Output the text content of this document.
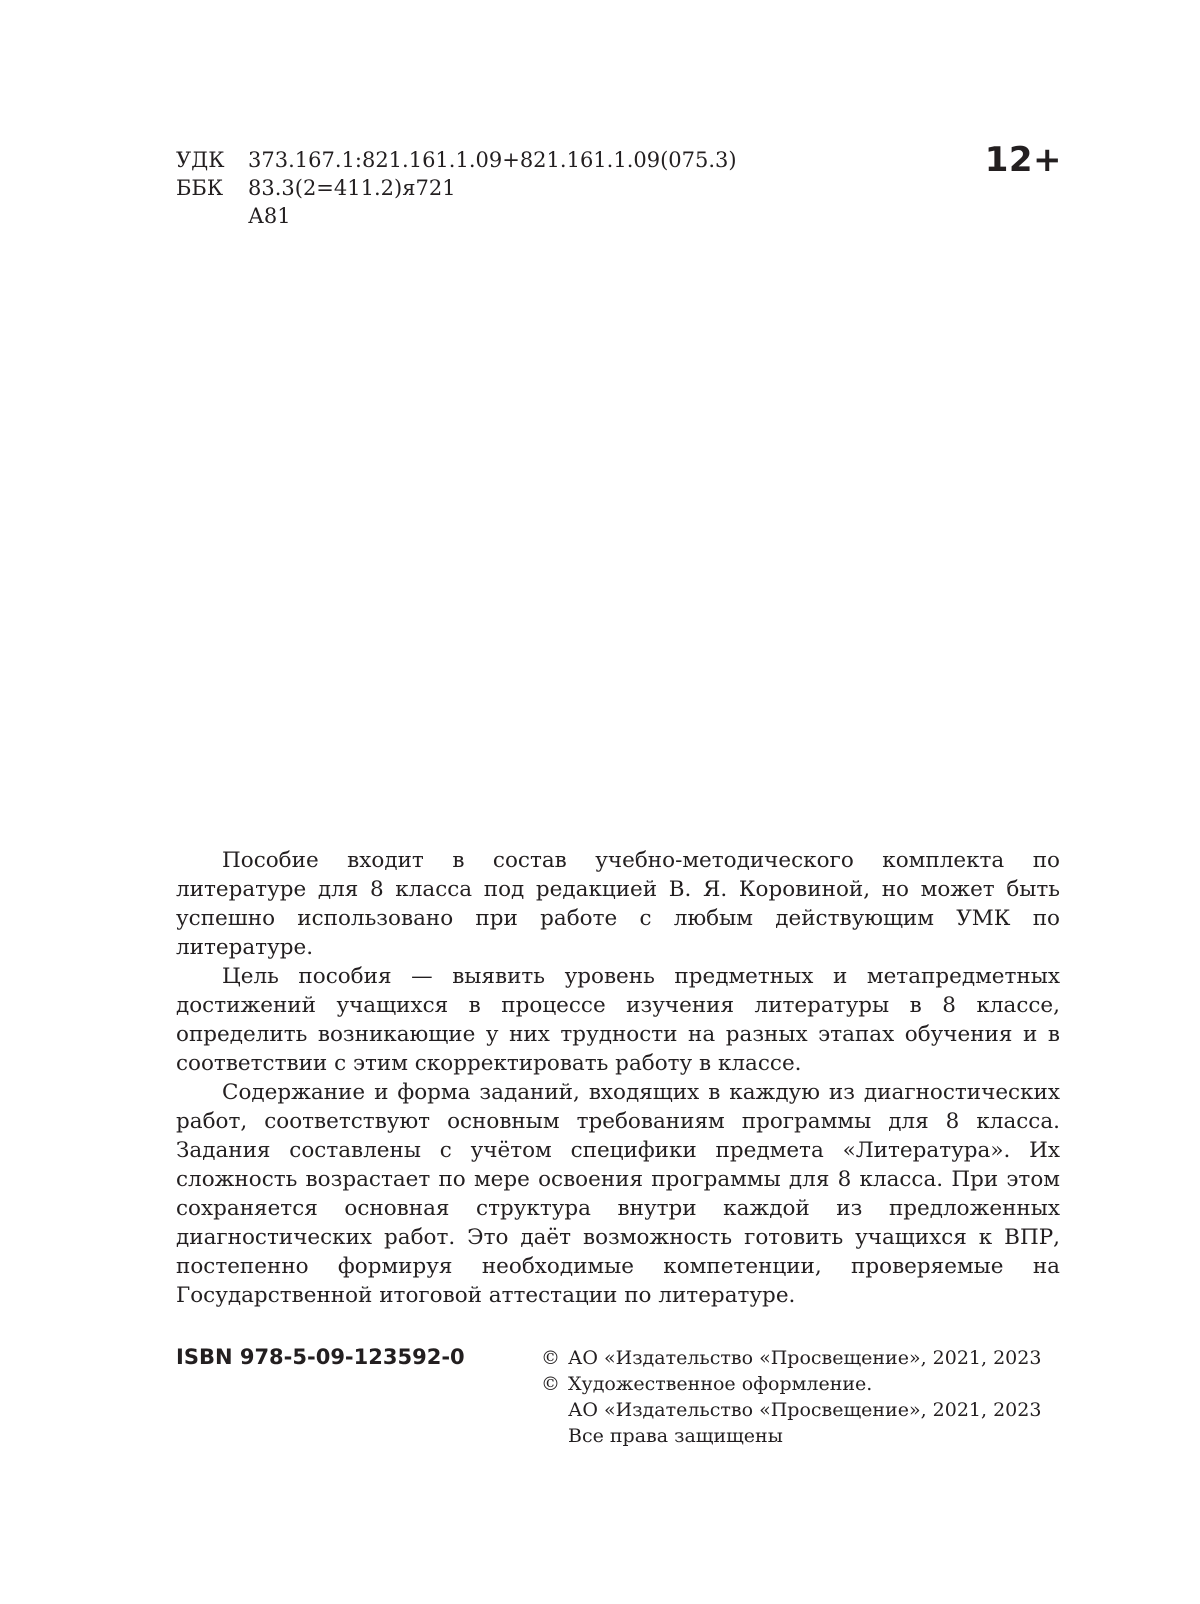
УДК	373.167.1:821.161.1.09+821.161.1.09(075.3)
ББК	83.3(2=411.2)я721
А81
12+

Пособие входит в состав учебно-методического комплекта по литературе для 8 класса под редакцией В. Я. Коровиной, но может быть успешно использовано при работе с любым действующим УМК по литературе.

Цель пособия — выявить уровень предметных и метапредметных достижений учащихся в процессе изучения литературы в 8 классе, определить возникающие у них трудности на разных этапах обучения и в соответствии с этим скорректировать работу в классе.

Содержание и форма заданий, входящих в каждую из диагностических работ, соответствуют основным требованиям программы для 8 класса. Задания составлены с учётом специфики предмета «Литература». Их сложность возрастает по мере освоения программы для 8 класса. При этом сохраняется основная структура внутри каждой из предложенных диагностических работ. Это даёт возможность готовить учащихся к ВПР, постепенно формируя необходимые компетенции, проверяемые на Государственной итоговой аттестации по литературе.

ISBN 978-5-09-123592-0	© АО «Издательство «Просвещение», 2021, 2023
© Художественное оформление.
АО «Издательство «Просвещение», 2021, 2023
Все права защищены
